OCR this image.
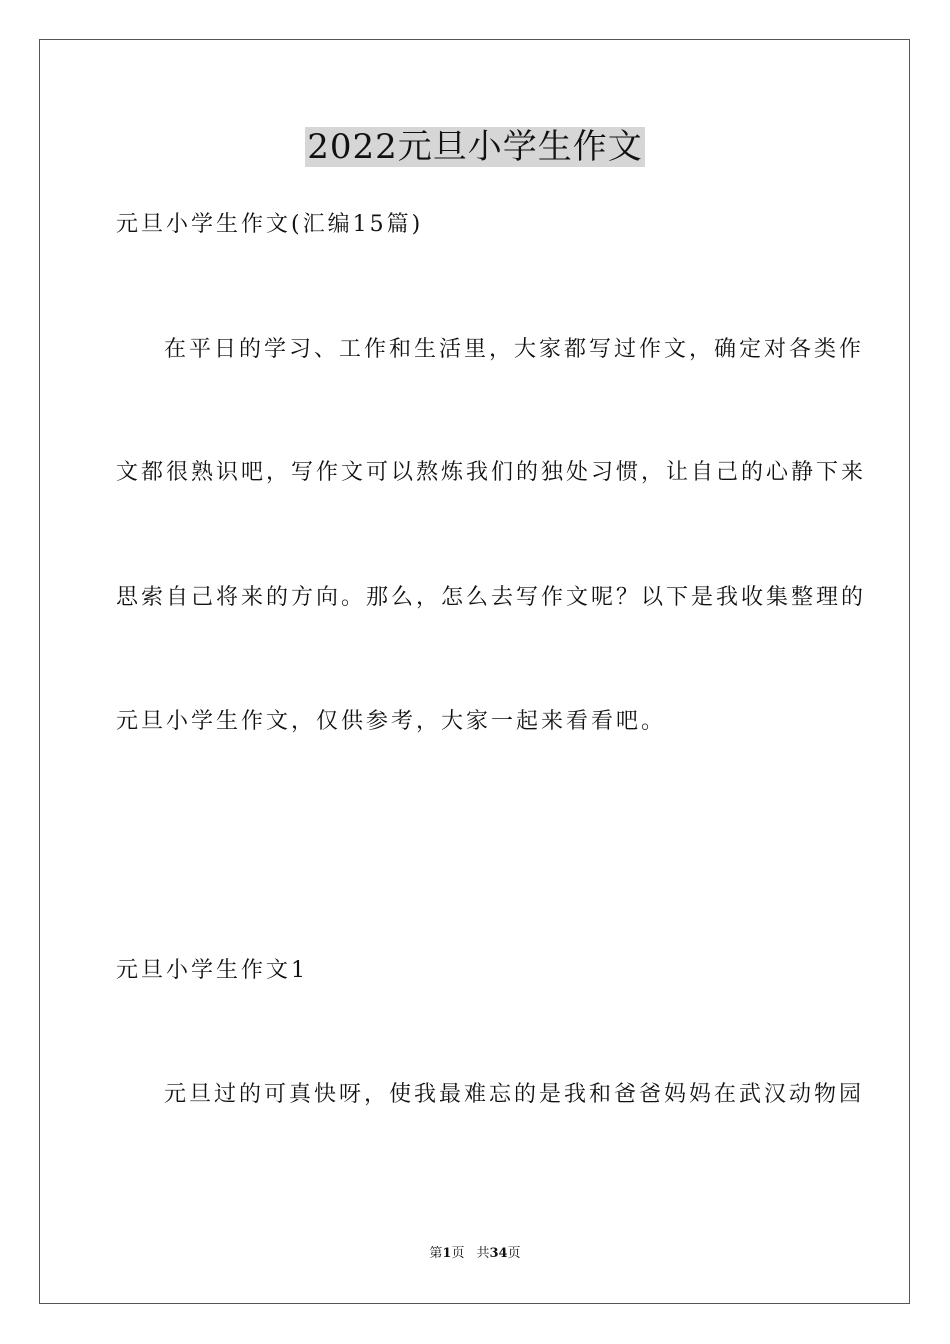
2022元旦小学生作文
元旦小学生作文(汇编15篇)
在平日的学习、工作和生活里，大家都写过作文，确定对各类作
文都很熟识吧，写作文可以熬炼我们的独处习惯，让自己的心静下来
思索自己将来的方向。那么，怎么去写作文呢？以下是我收集整理的
元旦小学生作文，仅供参考，大家一起来看看吧。
元旦小学生作文1
元旦过的可真快呀，使我最难忘的是我和爸爸妈妈在武汉动物园
第1页 共34页
